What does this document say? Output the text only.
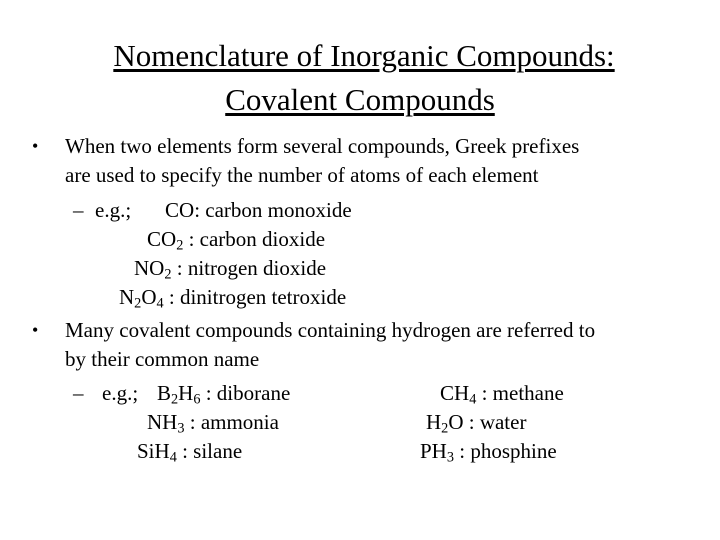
Nomenclature of Inorganic Compounds:
Covalent Compounds
• When two elements form several compounds, Greek prefixes
are used to specify the number of atoms of each element
– e.g.; CO: carbon monoxide
$CO_2$ : carbon dioxide
$NO_2$ : nitrogen dioxide
$N_2O_4$ : dinitrogen tetroxide
• Many covalent compounds containing hydrogen are referred to
by their common name
– e.g.; $B_2H_6$ : diborane	$CH_4$ : methane
$NH_3$ : ammonia	$H_2O$ : water
SiH$_4$ : silane	$PH_3$ : phosphine
